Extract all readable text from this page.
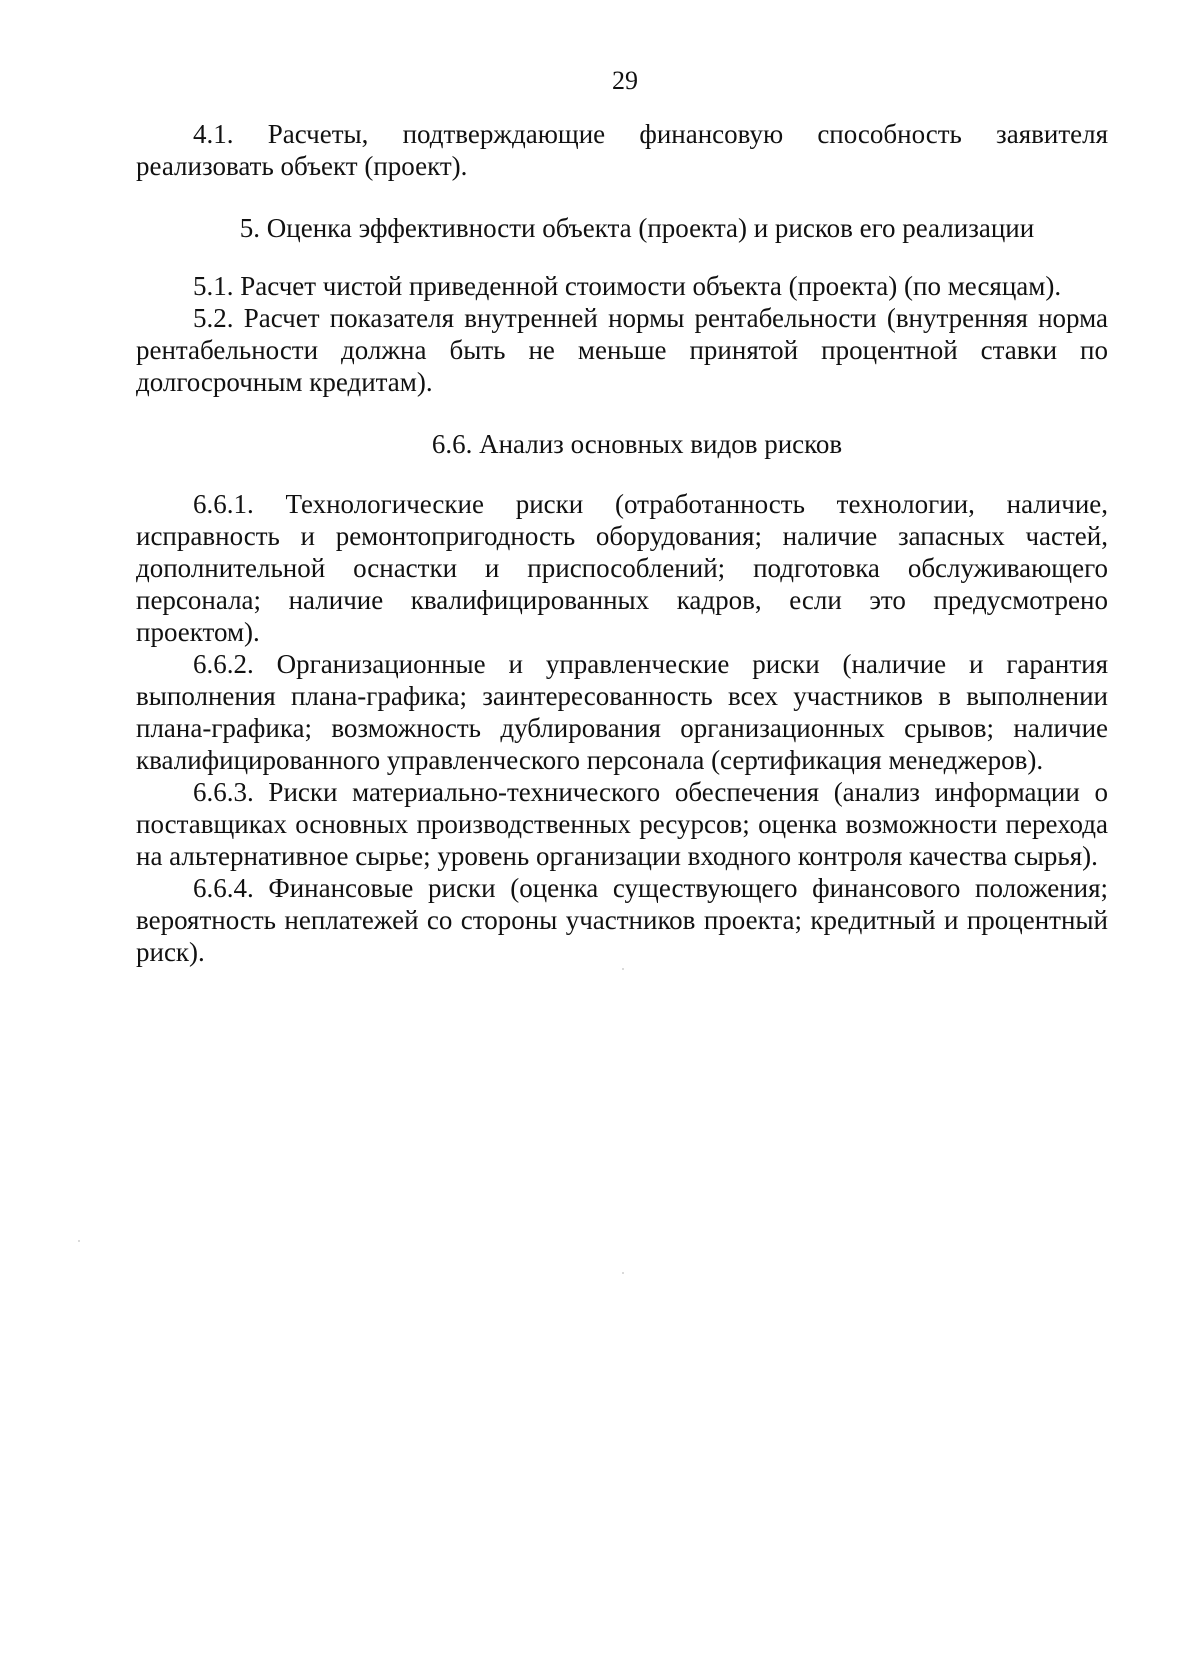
29

4.1. Расчеты, подтверждающие финансовую способность заявителя реализовать объект (проект).

5. Оценка эффективности объекта (проекта) и рисков его реализации

5.1. Расчет чистой приведенной стоимости объекта (проекта) (по месяцам).

5.2. Расчет показателя внутренней нормы рентабельности (внутренняя норма рентабельности должна быть не меньше принятой процентной ставки по долгосрочным кредитам).

6.6. Анализ основных видов рисков

6.6.1. Технологические риски (отработанность технологии, наличие, исправность и ремонтопригодность оборудования; наличие запасных частей, дополнительной оснастки и приспособлений; подготовка обслуживающего персонала; наличие квалифицированных кадров, если это предусмотрено проектом).

6.6.2. Организационные и управленческие риски (наличие и гарантия выполнения плана-графика; заинтересованность всех участников в выполнении плана-графика; возможность дублирования организационных срывов; наличие квалифицированного управленческого персонала (сертификация менеджеров).

6.6.3. Риски материально-технического обеспечения (анализ информации о поставщиках основных производственных ресурсов; оценка возможности перехода на альтернативное сырье; уровень организации входного контроля качества сырья).

6.6.4. Финансовые риски (оценка существующего финансового положения; вероятность неплатежей со стороны участников проекта; кредитный и процентный риск).
